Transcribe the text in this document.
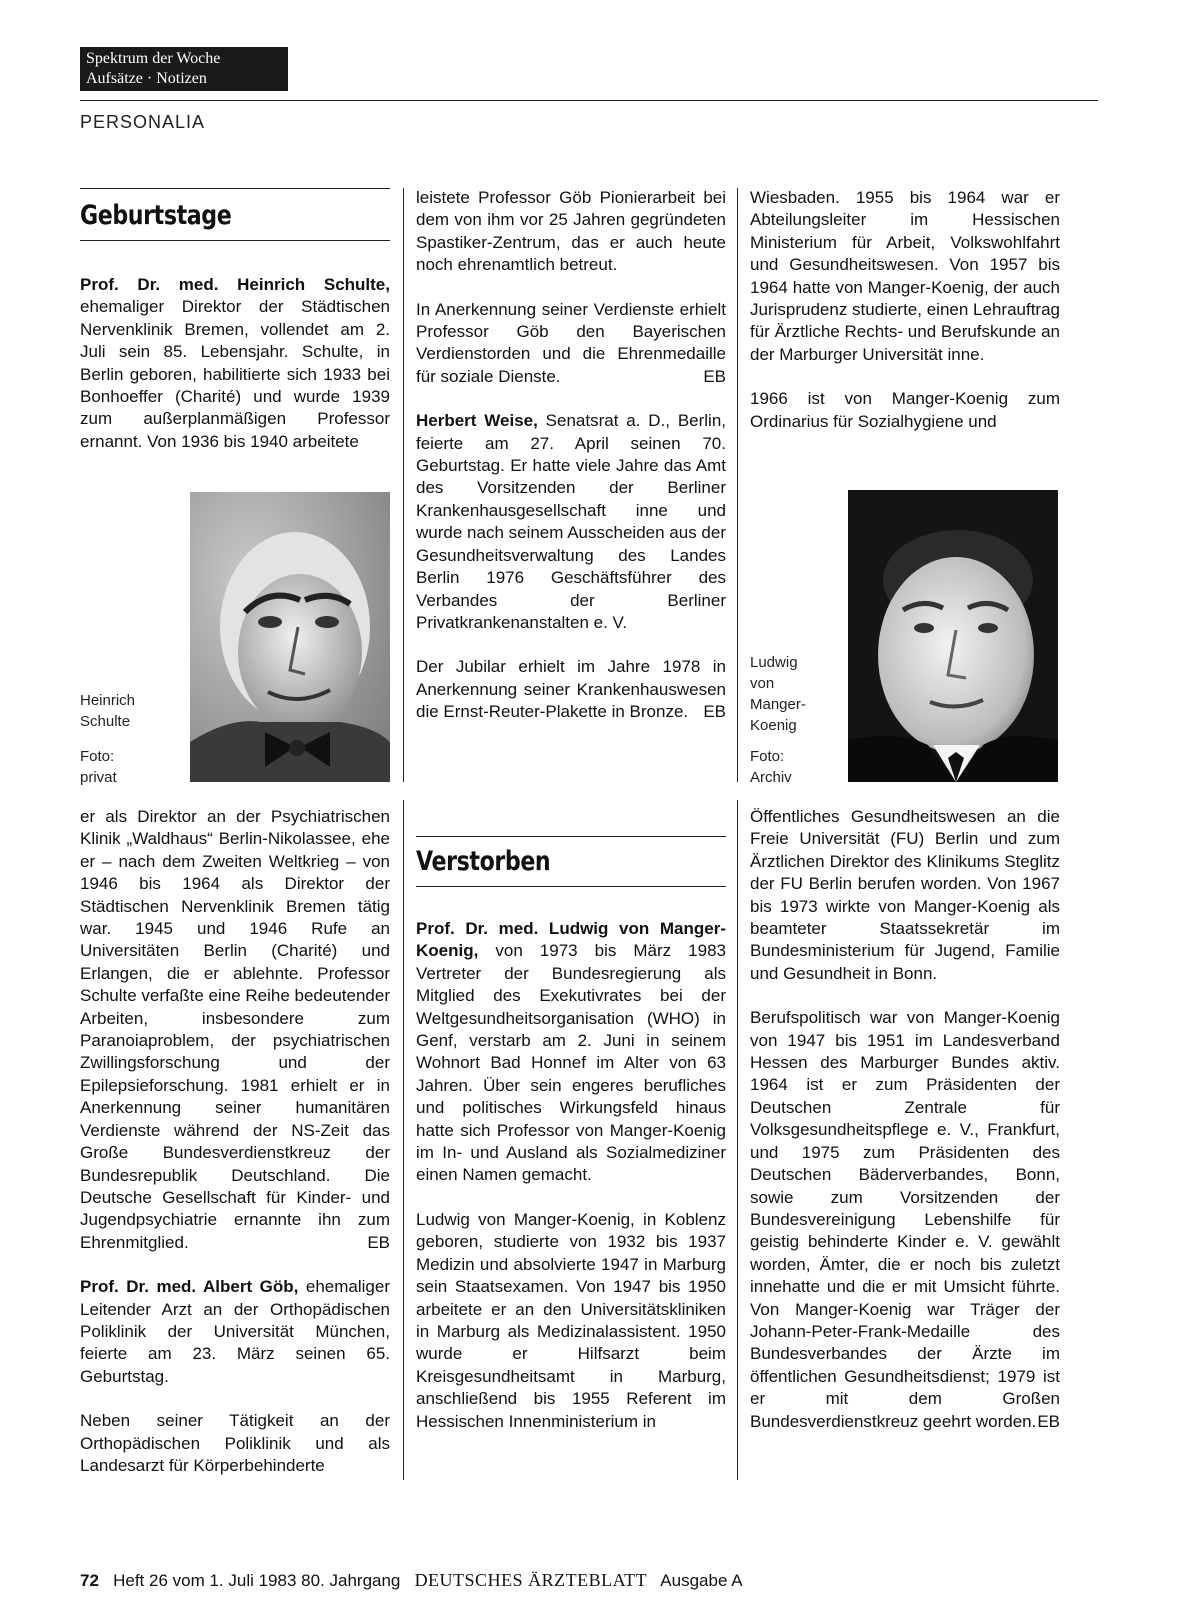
Spektrum der Woche
Aufsätze · Notizen
PERSONALIA
Geburtstage

Prof. Dr. med. Heinrich Schulte, ehemaliger Direktor der Städtischen Nervenklinik Bremen, vollendet am 2. Juli sein 85. Lebensjahr. Schulte, in Berlin geboren, habilitierte sich 1933 bei Bonhoeffer (Charité) und wurde 1939 zum außerplanmäßigen Professor ernannt. Von 1936 bis 1940 arbeitete

Heinrich
Schulte
Foto:
privat

er als Direktor an der Psychiatrischen Klinik „Waldhaus“ Berlin-Nikolassee, ehe er – nach dem Zweiten Weltkrieg – von 1946 bis 1964 als Direktor der Städtischen Nervenklinik Bremen tätig war. 1945 und 1946 Rufe an Universitäten Berlin (Charité) und Erlangen, die er ablehnte. Professor Schulte verfaßte eine Reihe bedeutender Arbeiten, insbesondere zum Paranoiaproblem, der psychiatrischen Zwillingsforschung und der Epilepsieforschung. 1981 erhielt er in Anerkennung seiner humanitären Verdienste während der NS-Zeit das Große Bundesverdienstkreuz der Bundesrepublik Deutschland. Die Deutsche Gesellschaft für Kinder- und Jugendpsychiatrie ernannte ihn zum Ehrenmitglied.	EB

Prof. Dr. med. Albert Göb, ehemaliger Leitender Arzt an der Orthopädischen Poliklinik der Universität München, feierte am 23. März seinen 65. Geburtstag.

Neben seiner Tätigkeit an der Orthopädischen Poliklinik und als Landesarzt für Körperbehinderte

leistete Professor Göb Pionierarbeit bei dem von ihm vor 25 Jahren gegründeten Spastiker-Zentrum, das er auch heute noch ehrenamtlich betreut.

In Anerkennung seiner Verdienste erhielt Professor Göb den Bayerischen Verdienstorden und die Ehrenmedaille für soziale Dienste.	EB

Herbert Weise, Senatsrat a. D., Berlin, feierte am 27. April seinen 70. Geburtstag. Er hatte viele Jahre das Amt des Vorsitzenden der Berliner Krankenhausgesellschaft inne und wurde nach seinem Ausscheiden aus der Gesundheitsverwaltung des Landes Berlin 1976 Geschäftsführer des Verbandes der Berliner Privatkrankenanstalten e. V.

Der Jubilar erhielt im Jahre 1978 in Anerkennung seiner Krankenhauswesen die Ernst-Reuter-Plakette in Bronze. EB

Verstorben

Prof. Dr. med. Ludwig von Manger-Koenig, von 1973 bis März 1983 Vertreter der Bundesregierung als Mitglied des Exekutivrates bei der Weltgesundheitsorganisation (WHO) in Genf, verstarb am 2. Juni in seinem Wohnort Bad Honnef im Alter von 63 Jahren. Über sein engeres berufliches und politisches Wirkungsfeld hinaus hatte sich Professor von Manger-Koenig im In- und Ausland als Sozialmediziner einen Namen gemacht.

Ludwig von Manger-Koenig, in Koblenz geboren, studierte von 1932 bis 1937 Medizin und absolvierte 1947 in Marburg sein Staatsexamen. Von 1947 bis 1950 arbeitete er an den Universitätskliniken in Marburg als Medizinalassistent. 1950 wurde er Hilfsarzt beim Kreisgesundheitsamt in Marburg, anschließend bis 1955 Referent im Hessischen Innenministerium in

Wiesbaden. 1955 bis 1964 war er Abteilungsleiter im Hessischen Ministerium für Arbeit, Volkswohlfahrt und Gesundheitswesen. Von 1957 bis 1964 hatte von Manger-Koenig, der auch Jurisprudenz studierte, einen Lehrauftrag für Ärztliche Rechts- und Berufskunde an der Marburger Universität inne.

1966 ist von Manger-Koenig zum Ordinarius für Sozialhygiene und

Ludwig
von
Manger-
Koenig
Foto:
Archiv

Öffentliches Gesundheitswesen an die Freie Universität (FU) Berlin und zum Ärztlichen Direktor des Klinikums Steglitz der FU Berlin berufen worden. Von 1967 bis 1973 wirkte von Manger-Koenig als beamteter Staatssekretär im Bundesministerium für Jugend, Familie und Gesundheit in Bonn.

Berufspolitisch war von Manger-Koenig von 1947 bis 1951 im Landesverband Hessen des Marburger Bundes aktiv. 1964 ist er zum Präsidenten der Deutschen Zentrale für Volksgesundheitspflege e. V., Frankfurt, und 1975 zum Präsidenten des Deutschen Bäderverbandes, Bonn, sowie zum Vorsitzenden der Bundesvereinigung Lebenshilfe für geistig behinderte Kinder e. V. gewählt worden, Ämter, die er noch bis zuletzt innehatte und die er mit Umsicht führte. Von Manger-Koenig war Träger der Johann-Peter-Frank-Medaille des Bundesverbandes der Ärzte im öffentlichen Gesundheitsdienst; 1979 ist er mit dem Großen Bundesverdienstkreuz geehrt worden. EB

72 Heft 26 vom 1. Juli 1983 80. Jahrgang DEUTSCHES ÄRZTEBLATT Ausgabe A
